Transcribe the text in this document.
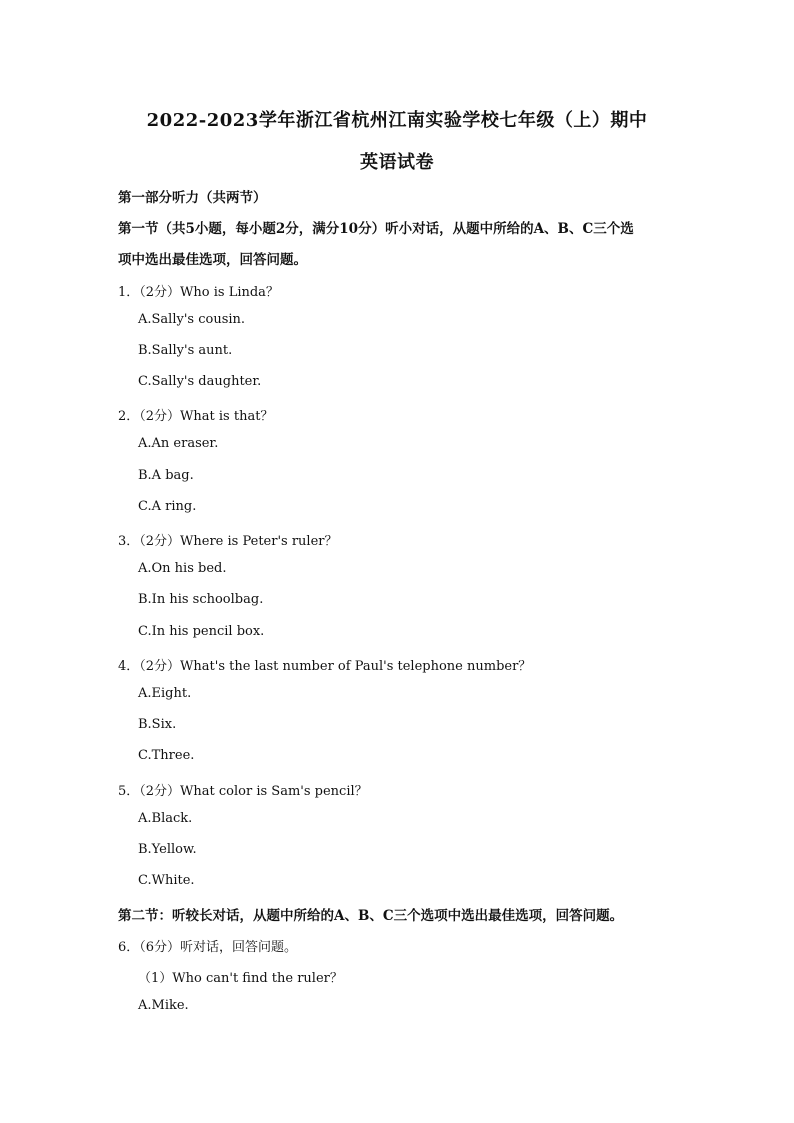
2022-2023学年浙江省杭州江南实验学校七年级（上）期中
英语试卷
第一部分听力（共两节）
第一节（共5小题，每小题2分，满分10分）听小对话，从题中所给的A、B、C三个选
项中选出最佳选项，回答问题。
1．（2分）Who is Linda？
A.Sally's cousin.
B.Sally's aunt.
C.Sally's daughter.
2．（2分）What is that？
A.An eraser.
B.A bag.
C.A ring.
3．（2分）Where is Peter's ruler？
A.On his bed.
B.In his schoolbag.
C.In his pencil box.
4．（2分）What's the last number of Paul's telephone number？
A.Eight.
B.Six.
C.Three.
5．（2分）What color is Sam's pencil？
A.Black.
B.Yellow.
C.White.
第二节：听较长对话，从题中所给的A、B、C三个选项中选出最佳选项，回答问题。
6．（6分）听对话，回答问题。
（1）Who can't find the ruler？
A.Mike.
